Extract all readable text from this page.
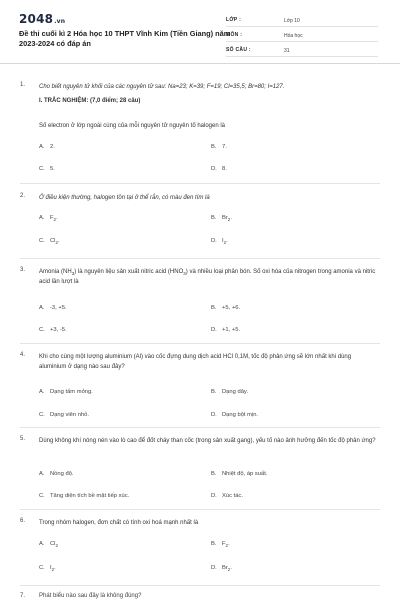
2048.vn
Đề thi cuối kì 2 Hóa học 10 THPT Vĩnh Kim (Tiền Giang) năm 2023-2024 có đáp án
LỚP :	Lớp 10
MÔN :	Hóa học
SỐ CÂU :	31
1. Cho biết nguyên tử khối của các nguyên tử sau: Na=23; K=39; F=19; Cl=35,5; Br=80; I=127.
I. TRẮC NGHIỆM: (7,0 điểm; 28 câu)
Số electron ở lớp ngoài cùng của mỗi nguyên tử nguyên tố halogen là
A. 2.	B. 7.
C. 5.	D. 8.
2. Ở điều kiện thường, halogen tồn tại ở thể rắn, có màu đen tím là
A. $F_2$.	B. $Br_2$.
C. $Cl_2$.	D. $I_2$.
3. Amonia $(NH_3)$ là nguyên liệu sản xuất nitric acid $(HNO_3)$ và nhiều loại phân bón. Số oxi hóa của nitrogen trong amonia và nitric acid lần lượt là
A. -3, +5.	B. +5, +6.
C. +3, -5.	D. +1, +5.
4. Khi cho cùng một lượng aluminium (Al) vào cốc đựng dung dịch acid HCl 0,1M, tốc độ phản ứng sẽ lớn nhất khi dùng aluminium ở dạng nào sau đây?
A. Dạng tấm mỏng.	B. Dạng dây.
C. Dạng viên nhỏ.	D. Dạng bột mịn.
5. Dùng không khí nóng nén vào lò cao để đốt cháy than cốc (trong sản xuất gang), yếu tố nào ảnh hưởng đến tốc độ phản ứng?
A. Nồng độ.	B. Nhiệt độ, áp suất.
C. Tăng diện tích bề mặt tiếp xúc.	D. Xúc tác.
6. Trong nhóm halogen, đơn chất có tính oxi hoá mạnh nhất là
A. $Cl_2$	B. $F_2$.
C. $I_2$.	D. $Br_2$.
7. Phát biểu nào sau đây là không đúng?
